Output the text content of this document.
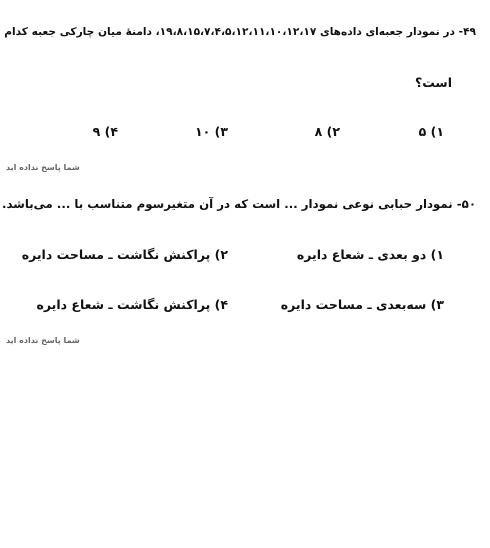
۴۹- در نمودار جعبه‌ای داده‌های ۱۹،۸،۱۵،۷،۴،۵،۱۲،۱۱،۱۰،۱۲،۱۷، دامنهٔ میان چارکی جعبه کدام
است؟
۱) ۵
۲) ۸
۳) ۱۰
۴) ۹
شما پاسخ نداده اید
۵۰- نمودار حبابی نوعی نمودار ... است که در آن متغیرسوم متناسب با ... می‌باشد.
۱) دو بعدی ـ شعاع دایره
۲) پراکنش نگاشت ـ مساحت دایره
۳) سه‌بعدی ـ مساحت دایره
۴) پراکنش نگاشت ـ شعاع دایره
شما پاسخ نداده اید
